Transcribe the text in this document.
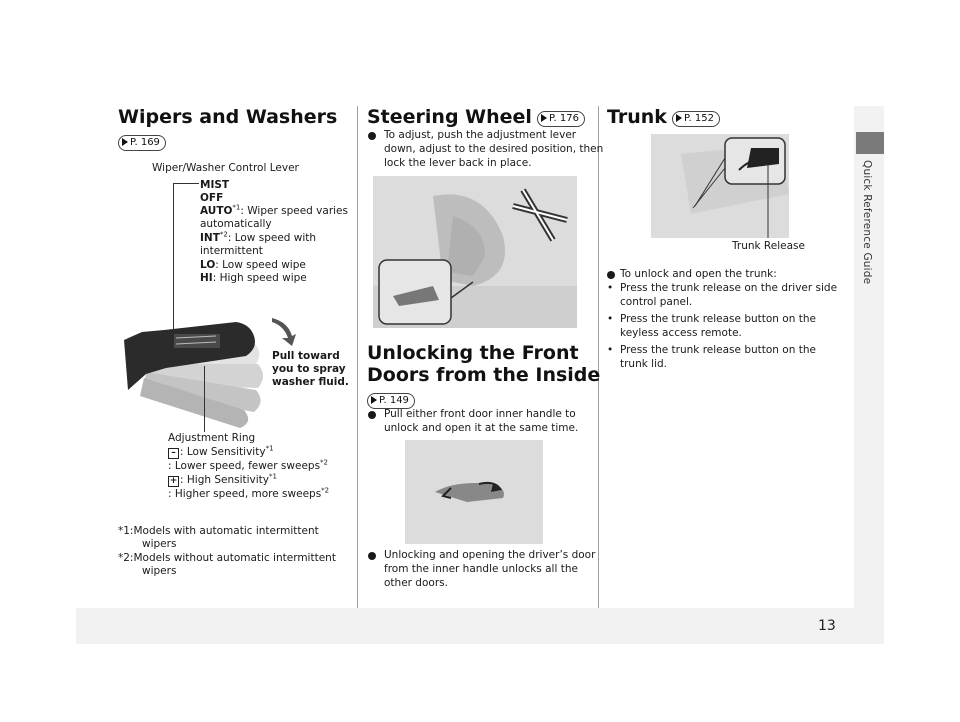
Quick Reference Guide
13
Wipers and Washers
P. 169
Wiper/Washer Control Lever
MIST
OFF
AUTO$^{*1}$: Wiper speed varies
automatically
INT$^{*2}$: Low speed with
intermittent
LO: Low speed wipe
HI: High speed wipe
Pull toward
you to spray
washer fluid.
Adjustment Ring
– : Low Sensitivity$^{*1}$
: Lower speed, fewer sweeps$^{*2}$
+ : High Sensitivity$^{*1}$
: Higher speed, more sweeps$^{*2}$
*1:Models with automatic intermittent
wipers
*2:Models without automatic intermittent
wipers
Steering Wheel P. 176
To adjust, push the adjustment lever
down, adjust to the desired position, then
lock the lever back in place.
Unlocking the Front
Doors from the Inside
P. 149
Pull either front door inner handle to
unlock and open it at the same time.
Unlocking and opening the driver’s door
from the inner handle unlocks all the
other doors.
Trunk P. 152
Trunk Release
To unlock and open the trunk:
• Press the trunk release on the driver side
control panel.
• Press the trunk release button on the
keyless access remote.
• Press the trunk release button on the
trunk lid.
